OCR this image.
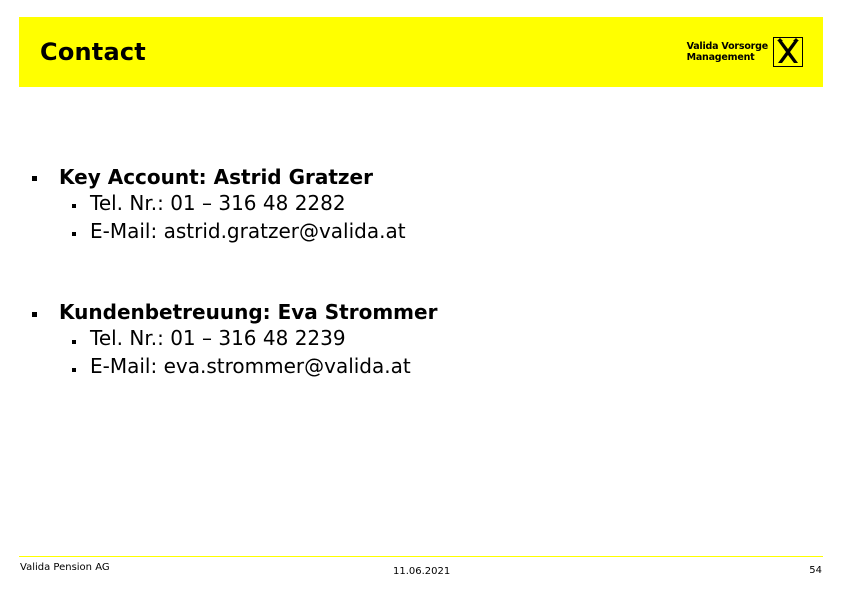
Contact	Valida Vorsorge
Management
Key Account: Astrid Gratzer
Tel. Nr.: 01 – 316 48 2282
E-Mail: astrid.gratzer@valida.at
Kundenbetreuung: Eva Strommer
Tel. Nr.: 01 – 316 48 2239
E-Mail: eva.strommer@valida.at
Valida Pension AG	11.06.2021	54
